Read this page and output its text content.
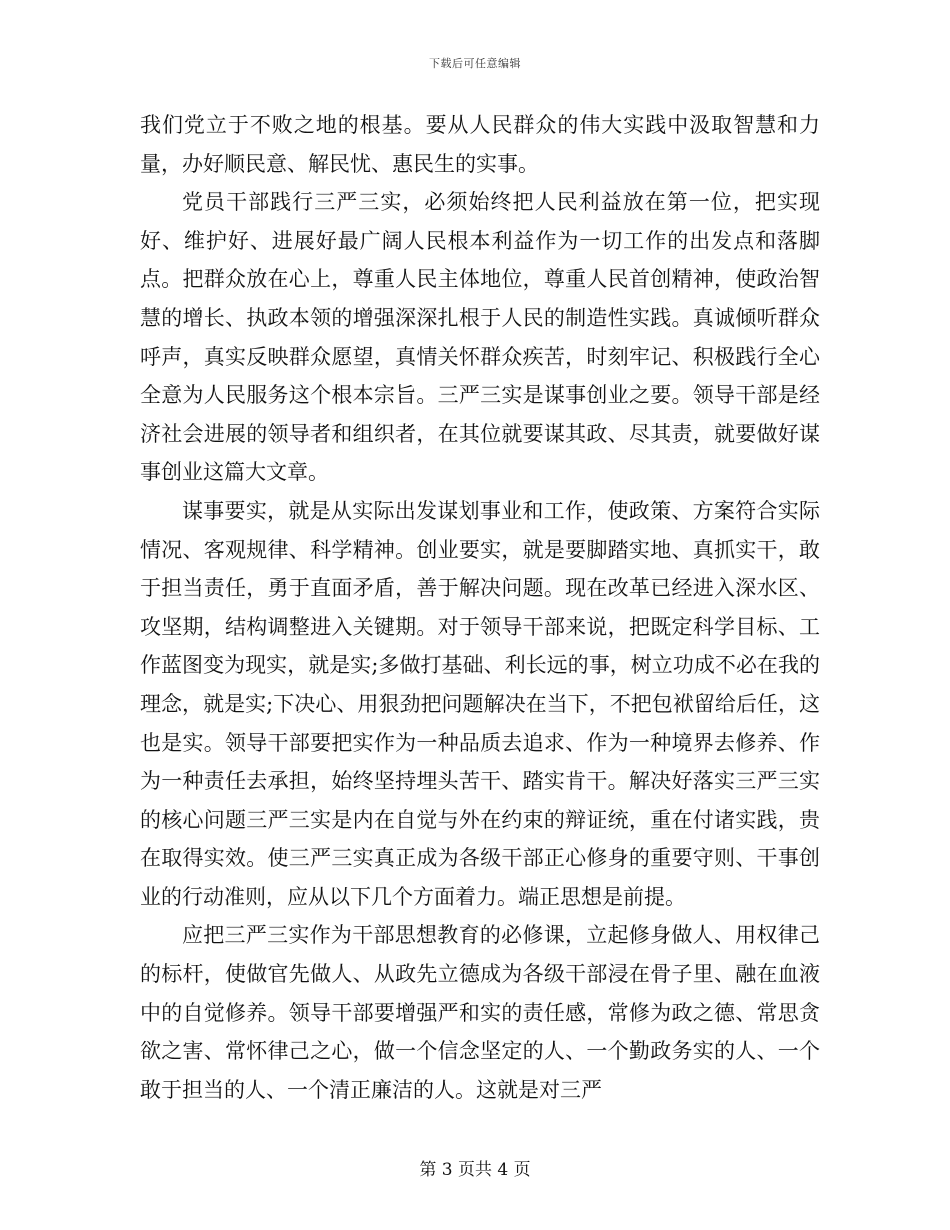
下载后可任意编辑

我们党立于不败之地的根基。要从人民群众的伟大实践中汲取智慧和力量，办好顺民意、解民忧、惠民生的实事。

党员干部践行三严三实，必须始终把人民利益放在第一位，把实现好、维护好、进展好最广阔人民根本利益作为一切工作的出发点和落脚点。把群众放在心上，尊重人民主体地位，尊重人民首创精神，使政治智慧的增长、执政本领的增强深深扎根于人民的制造性实践。真诚倾听群众呼声，真实反映群众愿望，真情关怀群众疾苦，时刻牢记、积极践行全心全意为人民服务这个根本宗旨。三严三实是谋事创业之要。领导干部是经济社会进展的领导者和组织者，在其位就要谋其政、尽其责，就要做好谋事创业这篇大文章。

谋事要实，就是从实际出发谋划事业和工作，使政策、方案符合实际情况、客观规律、科学精神。创业要实，就是要脚踏实地、真抓实干，敢于担当责任，勇于直面矛盾，善于解决问题。现在改革已经进入深水区、攻坚期，结构调整进入关键期。对于领导干部来说，把既定科学目标、工作蓝图变为现实，就是实;多做打基础、利长远的事，树立功成不必在我的理念，就是实;下决心、用狠劲把问题解决在当下，不把包袱留给后任，这也是实。领导干部要把实作为一种品质去追求、作为一种境界去修养、作为一种责任去承担，始终坚持埋头苦干、踏实肯干。解决好落实三严三实的核心问题三严三实是内在自觉与外在约束的辩证统，重在付诸实践，贵在取得实效。使三严三实真正成为各级干部正心修身的重要守则、干事创业的行动准则，应从以下几个方面着力。端正思想是前提。

应把三严三实作为干部思想教育的必修课，立起修身做人、用权律己的标杆，使做官先做人、从政先立德成为各级干部浸在骨子里、融在血液中的自觉修养。领导干部要增强严和实的责任感，常修为政之德、常思贪欲之害、常怀律己之心，做一个信念坚定的人、一个勤政务实的人、一个敢于担当的人、一个清正廉洁的人。这就是对三严

第 3 页共 4 页
